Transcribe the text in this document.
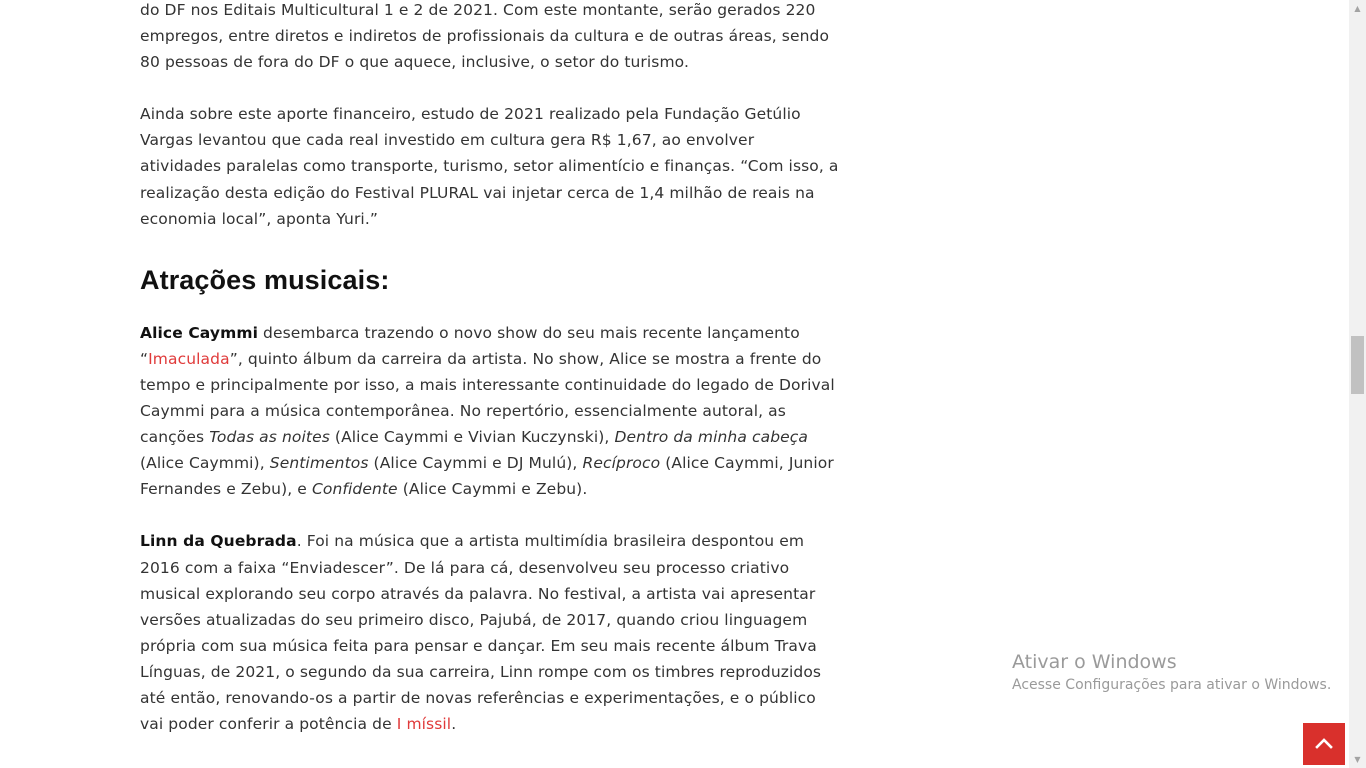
do DF nos Editais Multicultural 1 e 2 de 2021. Com este montante, serão gerados 220 empregos, entre diretos e indiretos de profissionais da cultura e de outras áreas, sendo 80 pessoas de fora do DF o que aquece, inclusive, o setor do turismo.

Ainda sobre este aporte financeiro, estudo de 2021 realizado pela Fundação Getúlio Vargas levantou que cada real investido em cultura gera R$ 1,67, ao envolver atividades paralelas como transporte, turismo, setor alimentício e finanças. “Com isso, a realização desta edição do Festival PLURAL vai injetar cerca de 1,4 milhão de reais na economia local”, aponta Yuri.”

Atrações musicais:

Alice Caymmi desembarca trazendo o novo show do seu mais recente lançamento “Imaculada”, quinto álbum da carreira da artista. No show, Alice se mostra a frente do tempo e principalmente por isso, a mais interessante continuidade do legado de Dorival Caymmi para a música contemporânea. No repertório, essencialmente autoral, as canções Todas as noites (Alice Caymmi e Vivian Kuczynski), Dentro da minha cabeça (Alice Caymmi), Sentimentos (Alice Caymmi e DJ Mulú), Recíproco (Alice Caymmi, Junior Fernandes e Zebu), e Confidente (Alice Caymmi e Zebu).

Linn da Quebrada. Foi na música que a artista multimídia brasileira despontou em 2016 com a faixa “Enviadescer”. De lá para cá, desenvolveu seu processo criativo musical explorando seu corpo através da palavra. No festival, a artista vai apresentar versões atualizadas do seu primeiro disco, Pajubá, de 2017, quando criou linguagem própria com sua música feita para pensar e dançar. Em seu mais recente álbum Trava Línguas, de 2021, o segundo da sua carreira, Linn rompe com os timbres reproduzidos até então, renovando-os a partir de novas referências e experimentações, e o público vai poder conferir a potência de I míssil.

Ativar o Windows
Acesse Configurações para ativar o Windows.
▲
▼
